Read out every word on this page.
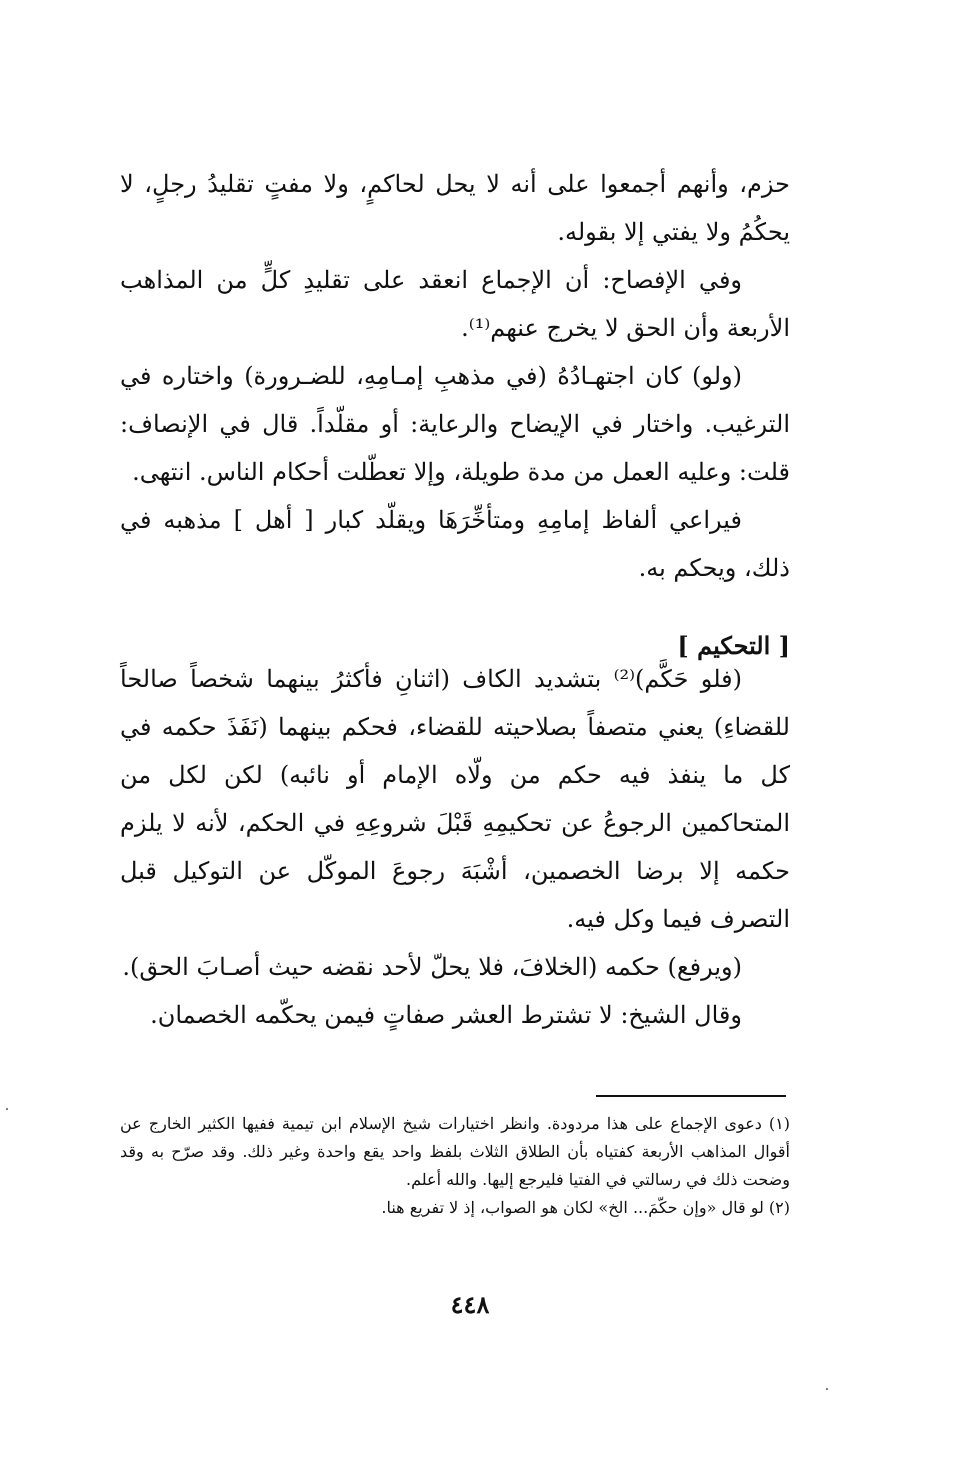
حزم، وأنهم أجمعوا على أنه لا يحل لحاكمٍ، ولا مفتٍ تقليدُ رجلٍ، لا يحكُمُ ولا يفتي إلا بقوله.

وفي الإفصاح: أن الإجماع انعقد على تقليدِ كلٍّ من المذاهب الأربعة وأن الحق لا يخرج عنهم⁽¹⁾.

(ولو) كان اجتهـادُهُ (في مذهبِ إمـامِهِ، للضـرورة) واختاره في الترغيب. واختار في الإيضاح والرعاية: أو مقلّداً. قال في الإنصاف: قلت: وعليه العمل من مدة طويلة، وإلا تعطّلت أحكام الناس. انتهى.

فيراعي ألفاظ إمامِهِ ومتأخِّرَهَا ويقلّد كبار [ أهل ] مذهبه في ذلك، ويحكم به.

[ التحكيم ]

(فلو حَكَّم)⁽²⁾ بتشديد الكاف (اثنانِ فأكثرُ بينهما شخصاً صالحاً للقضاءِ) يعني متصفاً بصلاحيته للقضاء، فحكم بينهما (نَفَذَ حكمه في كل ما ينفذ فيه حكم من ولّاه الإمام أو نائبه) لكن لكل من المتحاكمين الرجوعُ عن تحكيمِهِ قَبْلَ شروعِهِ في الحكم، لأنه لا يلزم حكمه إلا برضا الخصمين، أشْبَهَ رجوعَ الموكّل عن التوكيل قبل التصرف فيما وكل فيه.

(ويرفع) حكمه (الخلافَ، فلا يحلّ لأحد نقضه حيث أصـابَ الحق).

وقال الشيخ: لا تشترط العشر صفاتٍ فيمن يحكّمه الخصمان.

(١) دعوى الإجماع على هذا مردودة. وانظر اختيارات شيخ الإسلام ابن تيمية ففيها الكثير الخارج عن أقوال المذاهب الأربعة كفتياه بأن الطلاق الثلاث بلفظ واحد يقع واحدة وغير ذلك. وقد صرّح به وقد وضحت ذلك في رسالتي في الفتيا فليرجع إليها. والله أعلم.

(٢) لو قال «وإن حكّمَ... الخ» لكان هو الصواب، إذ لا تفريع هنا.

٤٤٨
